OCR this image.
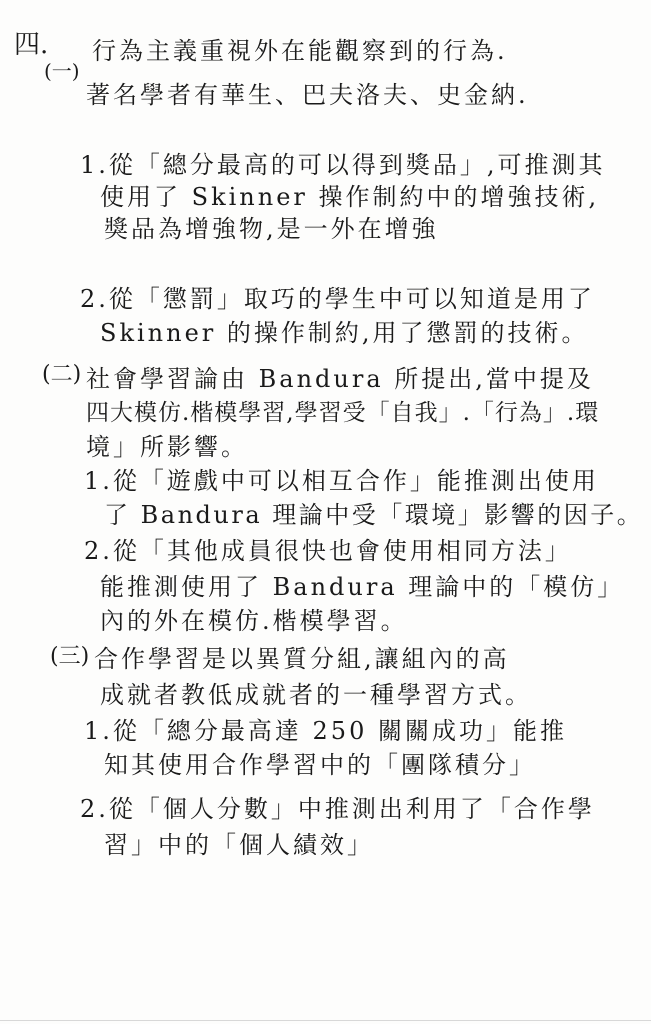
四.
(一)
行為主義重視外在能觀察到的行為.
著名學者有華生、巴夫洛夫、史金納.
1.從「總分最高的可以得到獎品」,可推測其
使用了 Skinner 操作制約中的增強技術,
獎品為增強物,是一外在增強
2.從「懲罰」取巧的學生中可以知道是用了
Skinner 的操作制約,用了懲罰的技術。
(二) 社會學習論由 Bandura 所提出,當中提及
四大模仿.楷模學習,學習受「自我」.「行為」.環
境」所影響。
1.從「遊戲中可以相互合作」能推測出使用
了 Bandura 理論中受「環境」影響的因子。
2.從「其他成員很快也會使用相同方法」
能推測使用了 Bandura 理論中的「模仿」
內的外在模仿.楷模學習。
(三) 合作學習是以異質分組,讓組內的高
成就者教低成就者的一種學習方式。
1.從「總分最高達 250 關關成功」能推
知其使用合作學習中的「團隊積分」
2.從「個人分數」中推測出利用了「合作學
習」中的「個人績效」
